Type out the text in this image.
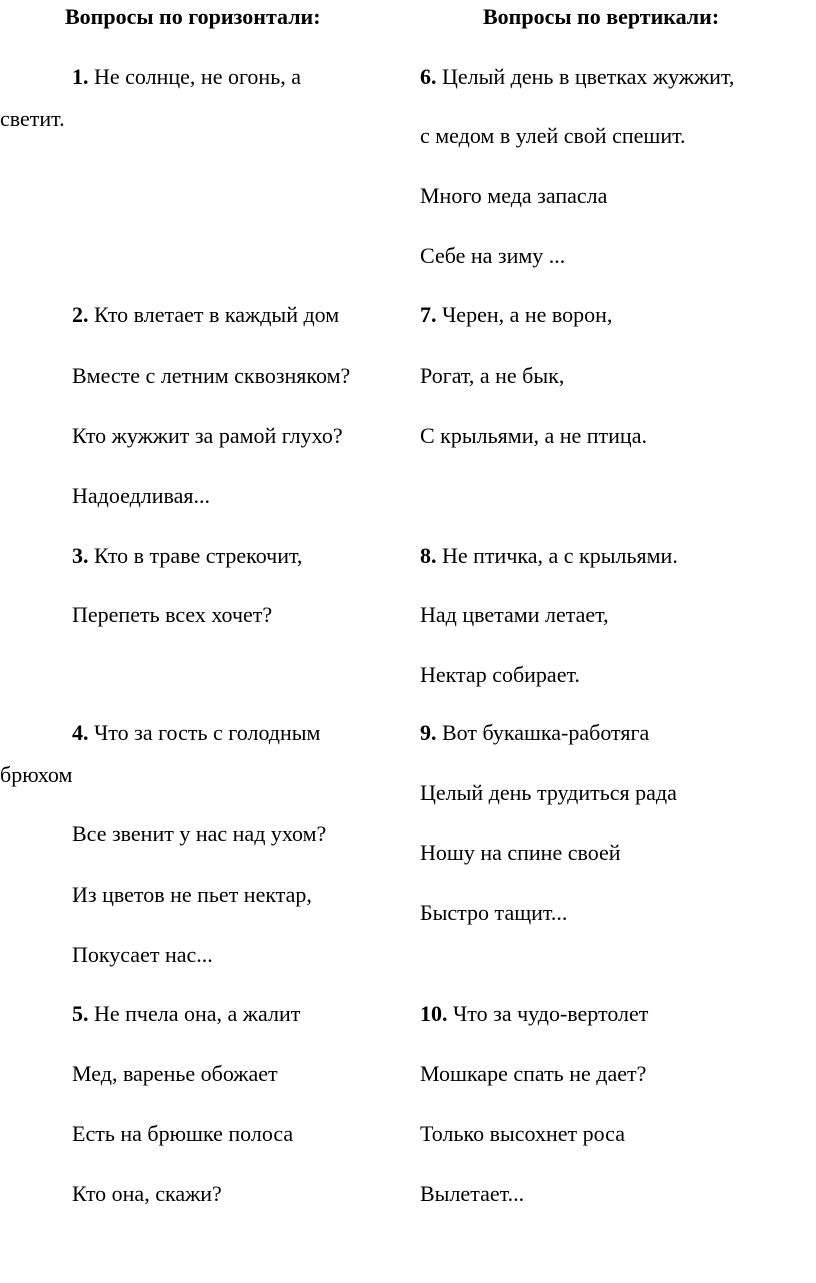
Вопросы по горизонтали:	Вопросы по вертикали:
1. Не солнце, не огонь, а
светит.
2. Кто влетает в каждый дом
Вместе с летним сквозняком?
Кто жужжит за рамой глухо?
Надоедливая...
3. Кто в траве стрекочит,
Перепеть всех хочет?
4. Что за гость с голодным
брюхом
Все звенит у нас над ухом?
Из цветов не пьет нектар,
Покусает нас...
5. Не пчела она, а жалит
Мед, варенье обожает
Есть на брюшке полоса
Кто она, скажи?
6. Целый день в цветках жужжит,
с медом в улей свой спешит.
Много меда запасла
Себе на зиму ...
7. Черен, а не ворон,
Рогат, а не бык,
С крыльями, а не птица.
8. Не птичка, а с крыльями.
Над цветами летает,
Нектар собирает.
9. Вот букашка-работяга
Целый день трудиться рада
Ношу на спине своей
Быстро тащит...
10. Что за чудо-вертолет
Мошкаре спать не дает?
Только высохнет роса
Вылетает...
